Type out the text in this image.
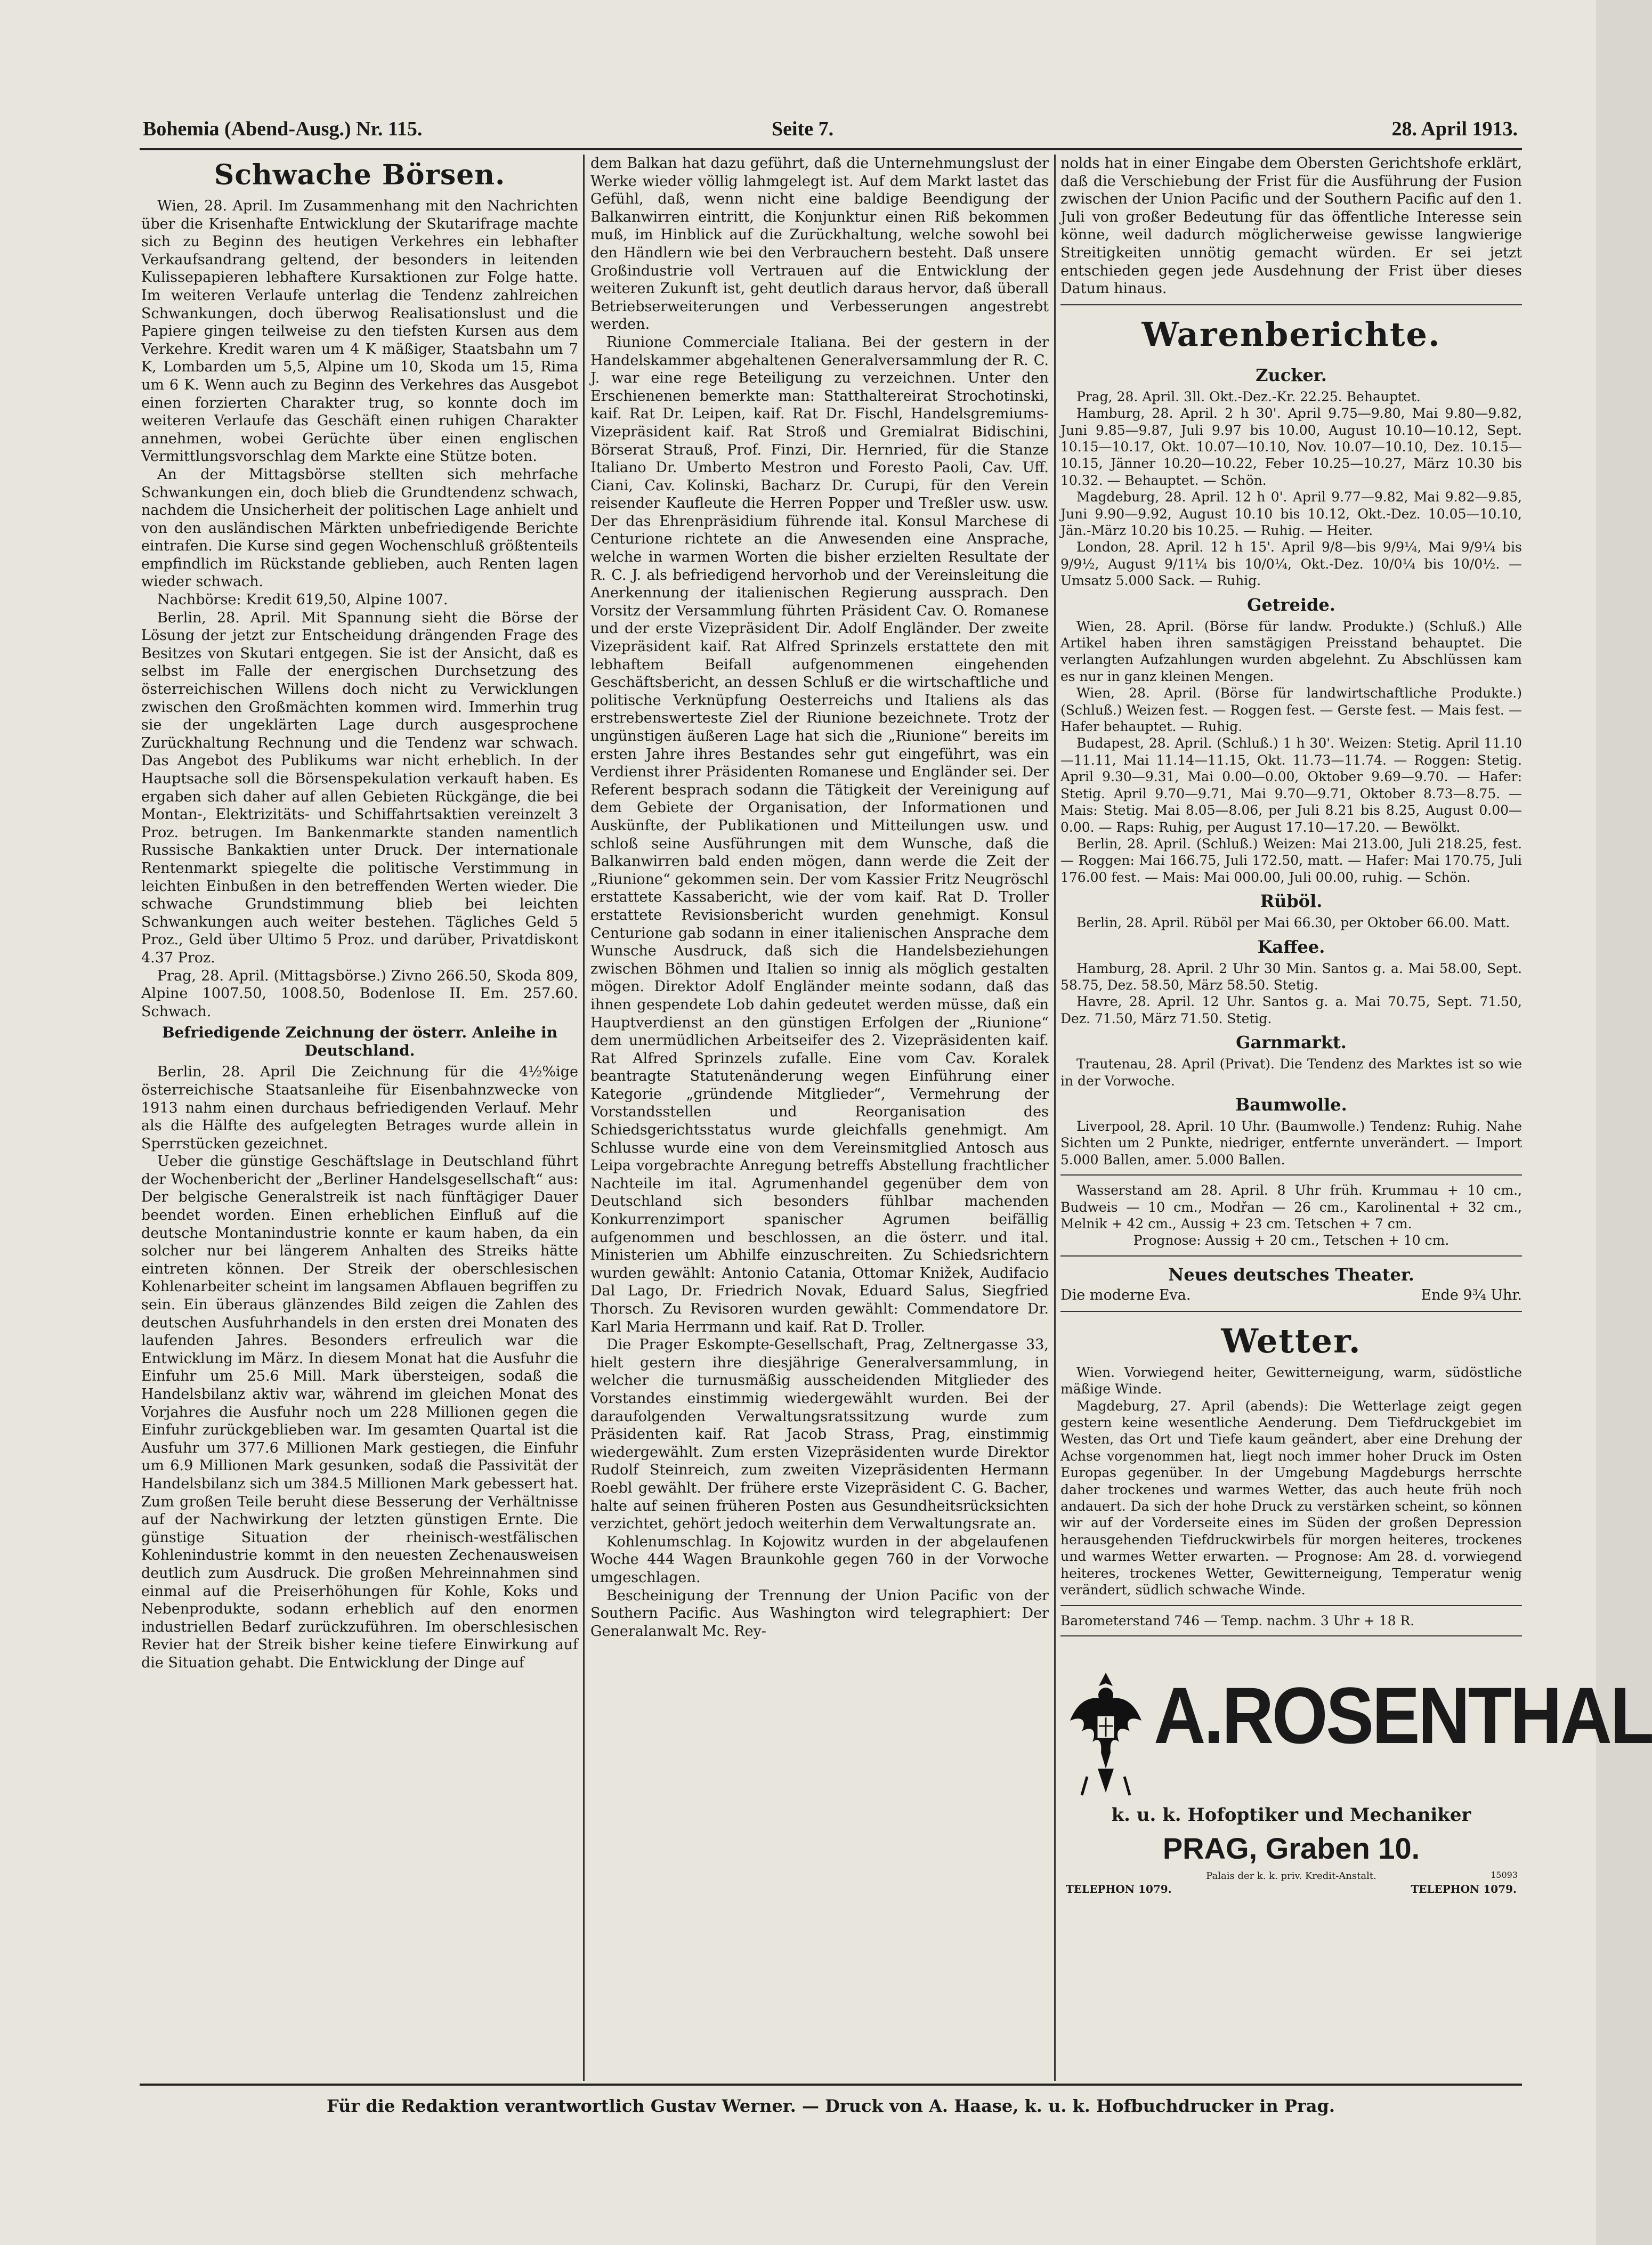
Bohemia (Abend-Ausg.) Nr. 115.	Seite 7.	28. April 1913.
Schwache Börsen.

Wien, 28. April. Im Zusammenhang mit den Nachrichten über die Krisenhafte Entwicklung der Skutarifrage machte sich zu Beginn des heutigen Verkehres ein lebhafter Verkaufsandrang geltend, der besonders in leitenden Kulissepapieren lebhaftere Kursaktionen zur Folge hatte. Im weiteren Verlaufe unterlag die Tendenz zahlreichen Schwankungen, doch überwog Realisationslust und die Papiere gingen teilweise zu den tiefsten Kursen aus dem Verkehre. Kredit waren um 4 K mäßiger, Staatsbahn um 7 K, Lombarden um 5,5, Alpine um 10, Skoda um 15, Rima um 6 K. Wenn auch zu Beginn des Verkehres das Ausgebot einen forzierten Charakter trug, so konnte doch im weiteren Verlaufe das Geschäft einen ruhigen Charakter annehmen, wobei Gerüchte über einen englischen Vermittlungsvorschlag dem Markte eine Stütze boten.

An der Mittagsbörse stellten sich mehrfache Schwankungen ein, doch blieb die Grundtendenz schwach, nachdem die Unsicherheit der politischen Lage anhielt und von den ausländischen Märkten unbefriedigende Berichte eintrafen. Die Kurse sind gegen Wochenschluß größtenteils empfindlich im Rückstande geblieben, auch Renten lagen wieder schwach.

Nachbörse: Kredit 619,50, Alpine 1007.

Berlin, 28. April. Mit Spannung sieht die Börse der Lösung der jetzt zur Entscheidung drängenden Frage des Besitzes von Skutari entgegen. Sie ist der Ansicht, daß es selbst im Falle der energischen Durchsetzung des österreichischen Willens doch nicht zu Verwicklungen zwischen den Großmächten kommen wird. Immerhin trug sie der ungeklärten Lage durch ausgesprochene Zurückhaltung Rechnung und die Tendenz war schwach. Das Angebot des Publikums war nicht erheblich. In der Hauptsache soll die Börsenspekulation verkauft haben. Es ergaben sich daher auf allen Gebieten Rückgänge, die bei Montan-, Elektrizitäts- und Schiffahrtsaktien vereinzelt 3 Proz. betrugen. Im Bankenmarkte standen namentlich Russische Bankaktien unter Druck. Der internationale Rentenmarkt spiegelte die politische Verstimmung in leichten Einbußen in den betreffenden Werten wieder. Die schwache Grundstimmung blieb bei leichten Schwankungen auch weiter bestehen. Tägliches Geld 5 Proz., Geld über Ultimo 5 Proz. und darüber, Privatdiskont 4.37 Proz.

Prag, 28. April. (Mittagsbörse.) Zivno 266.50, Skoda 809, Alpine 1007.50, 1008.50, Bodenlose II. Em. 257.60. Schwach.

Befriedigende Zeichnung der österr. Anleihe in Deutschland.

Berlin, 28. April Die Zeichnung für die 4½%ige österreichische Staatsanleihe für Eisenbahnzwecke von 1913 nahm einen durchaus befriedigenden Verlauf. Mehr als die Hälfte des aufgelegten Betrages wurde allein in Sperrstücken gezeichnet.

Ueber die günstige Geschäftslage in Deutschland führt der Wochenbericht der „Berliner Handelsgesellschaft“ aus: Der belgische Generalstreik ist nach fünftägiger Dauer beendet worden. Einen erheblichen Einfluß auf die deutsche Montanindustrie konnte er kaum haben, da ein solcher nur bei längerem Anhalten des Streiks hätte eintreten können. Der Streik der oberschlesischen Kohlenarbeiter scheint im langsamen Abflauen begriffen zu sein. Ein überaus glänzendes Bild zeigen die Zahlen des deutschen Ausfuhrhandels in den ersten drei Monaten des laufenden Jahres. Besonders erfreulich war die Entwicklung im März. In diesem Monat hat die Ausfuhr die Einfuhr um 25.6 Mill. Mark übersteigen, sodaß die Handelsbilanz aktiv war, während im gleichen Monat des Vorjahres die Ausfuhr noch um 228 Millionen gegen die Einfuhr zurückgeblieben war. Im gesamten Quartal ist die Ausfuhr um 377.6 Millionen Mark gestiegen, die Einfuhr um 6.9 Millionen Mark gesunken, sodaß die Passivität der Handelsbilanz sich um 384.5 Millionen Mark gebessert hat. Zum großen Teile beruht diese Besserung der Verhältnisse auf der Nachwirkung der letzten günstigen Ernte. Die günstige Situation der rheinisch-westfälischen Kohlenindustrie kommt in den neuesten Zechenausweisen deutlich zum Ausdruck. Die großen Mehreinnahmen sind einmal auf die Preiserhöhungen für Kohle, Koks und Nebenprodukte, sodann erheblich auf den enormen industriellen Bedarf zurückzuführen. Im oberschlesischen Revier hat der Streik bisher keine tiefere Einwirkung auf die Situation gehabt. Die Entwicklung der Dinge auf

dem Balkan hat dazu geführt, daß die Unternehmungslust der Werke wieder völlig lahmgelegt ist. Auf dem Markt lastet das Gefühl, daß, wenn nicht eine baldige Beendigung der Balkanwirren eintritt, die Konjunktur einen Riß bekommen muß, im Hinblick auf die Zurückhaltung, welche sowohl bei den Händlern wie bei den Verbrauchern besteht. Daß unsere Großindustrie voll Vertrauen auf die Entwicklung der weiteren Zukunft ist, geht deutlich daraus hervor, daß überall Betriebserweiterungen und Verbesserungen angestrebt werden.

Riunione Commerciale Italiana. Bei der gestern in der Handelskammer abgehaltenen Generalversammlung der R. C. J. war eine rege Beteiligung zu verzeichnen. Unter den Erschienenen bemerkte man: Statthaltereirat Strochotinski, kaif. Rat Dr. Leipen, kaif. Rat Dr. Fischl, Handelsgremiums-Vizepräsident kaif. Rat Stroß und Gremialrat Bidischini, Börserat Strauß, Prof. Finzi, Dir. Hernried, für die Stanze Italiano Dr. Umberto Mestron und Foresto Paoli, Cav. Uff. Ciani, Cav. Kolinski, Bacharz Dr. Curupi, für den Verein reisender Kaufleute die Herren Popper und Treßler usw. usw. Der das Ehrenpräsidium führende ital. Konsul Marchese di Centurione richtete an die Anwesenden eine Ansprache, welche in warmen Worten die bisher erzielten Resultate der R. C. J. als befriedigend hervorhob und der Vereinsleitung die Anerkennung der italienischen Regierung aussprach. Den Vorsitz der Versammlung führten Präsident Cav. O. Romanese und der erste Vizepräsident Dir. Adolf Engländer. Der zweite Vizepräsident kaif. Rat Alfred Sprinzels erstattete den mit lebhaftem Beifall aufgenommenen eingehenden Geschäftsbericht, an dessen Schluß er die wirtschaftliche und politische Verknüpfung Oesterreichs und Italiens als das erstrebenswerteste Ziel der Riunione bezeichnete. Trotz der ungünstigen äußeren Lage hat sich die „Riunione“ bereits im ersten Jahre ihres Bestandes sehr gut eingeführt, was ein Verdienst ihrer Präsidenten Romanese und Engländer sei. Der Referent besprach sodann die Tätigkeit der Vereinigung auf dem Gebiete der Organisation, der Informationen und Auskünfte, der Publikationen und Mitteilungen usw. und schloß seine Ausführungen mit dem Wunsche, daß die Balkanwirren bald enden mögen, dann werde die Zeit der „Riunione“ gekommen sein. Der vom Kassier Fritz Neugröschl erstattete Kassabericht, wie der vom kaif. Rat D. Troller erstattete Revisionsbericht wurden genehmigt. Konsul Centurione gab sodann in einer italienischen Ansprache dem Wunsche Ausdruck, daß sich die Handelsbeziehungen zwischen Böhmen und Italien so innig als möglich gestalten mögen. Direktor Adolf Engländer meinte sodann, daß das ihnen gespendete Lob dahin gedeutet werden müsse, daß ein Hauptverdienst an den günstigen Erfolgen der „Riunione“ dem unermüdlichen Arbeitseifer des 2. Vizepräsidenten kaif. Rat Alfred Sprinzels zufalle. Eine vom Cav. Koralek beantragte Statutenänderung wegen Einführung einer Kategorie „gründende Mitglieder“, Vermehrung der Vorstandsstellen und Reorganisation des Schiedsgerichtsstatus wurde gleichfalls genehmigt. Am Schlusse wurde eine von dem Vereinsmitglied Antosch aus Leipa vorgebrachte Anregung betreffs Abstellung frachtlicher Nachteile im ital. Agrumenhandel gegenüber dem von Deutschland sich besonders fühlbar machenden Konkurrenzimport spanischer Agrumen beifällig aufgenommen und beschlossen, an die österr. und ital. Ministerien um Abhilfe einzuschreiten. Zu Schiedsrichtern wurden gewählt: Antonio Catania, Ottomar Knižek, Audifacio Dal Lago, Dr. Friedrich Novak, Eduard Salus, Siegfried Thorsch. Zu Revisoren wurden gewählt: Commendatore Dr. Karl Maria Herrmann und kaif. Rat D. Troller.

Die Prager Eskompte-Gesellschaft, Prag, Zeltnergasse 33, hielt gestern ihre diesjährige Generalversammlung, in welcher die turnusmäßig ausscheidenden Mitglieder des Vorstandes einstimmig wiedergewählt wurden. Bei der daraufolgenden Verwaltungsratssitzung wurde zum Präsidenten kaif. Rat Jacob Strass, Prag, einstimmig wiedergewählt. Zum ersten Vizepräsidenten wurde Direktor Rudolf Steinreich, zum zweiten Vizepräsidenten Hermann Roebl gewählt. Der frühere erste Vizepräsident C. G. Bacher, halte auf seinen früheren Posten aus Gesundheitsrücksichten verzichtet, gehört jedoch weiterhin dem Verwaltungsrate an.

Kohlenumschlag. In Kojowitz wurden in der abgelaufenen Woche 444 Wagen Braunkohle gegen 760 in der Vorwoche umgeschlagen.

Bescheinigung der Trennung der Union Pacific von der Southern Pacific. Aus Washington wird telegraphiert: Der Generalanwalt Mc. Rey-

nolds hat in einer Eingabe dem Obersten Gerichtshofe erklärt, daß die Verschiebung der Frist für die Ausführung der Fusion zwischen der Union Pacific und der Southern Pacific auf den 1. Juli von großer Bedeutung für das öffentliche Interesse sein könne, weil dadurch möglicherweise gewisse langwierige Streitigkeiten unnötig gemacht würden. Er sei jetzt entschieden gegen jede Ausdehnung der Frist über dieses Datum hinaus.

Warenberichte.
Zucker.

Prag, 28. April. 3ll. Okt.-Dez.-Kr. 22.25. Behauptet.

Hamburg, 28. April. 2 h 30'. April 9.75—9.80, Mai 9.80—9.82, Juni 9.85—9.87, Juli 9.97 bis 10.00, August 10.10—10.12, Sept. 10.15—10.17, Okt. 10.07—10.10, Nov. 10.07—10.10, Dez. 10.15—10.15, Jänner 10.20—10.22, Feber 10.25—10.27, März 10.30 bis 10.32. — Behauptet. — Schön.

Magdeburg, 28. April. 12 h 0'. April 9.77—9.82, Mai 9.82—9.85, Juni 9.90—9.92, August 10.10 bis 10.12, Okt.-Dez. 10.05—10.10, Jän.-März 10.20 bis 10.25. — Ruhig. — Heiter.

London, 28. April. 12 h 15'. April 9/8—bis 9/9¼, Mai 9/9¼ bis 9/9½, August 9/11¼ bis 10/0¼, Okt.-Dez. 10/0¼ bis 10/0½. — Umsatz 5.000 Sack. — Ruhig.

Getreide.

Wien, 28. April. (Börse für landw. Produkte.) (Schluß.) Alle Artikel haben ihren samstägigen Preisstand behauptet. Die verlangten Aufzahlungen wurden abgelehnt. Zu Abschlüssen kam es nur in ganz kleinen Mengen.

Wien, 28. April. (Börse für landwirtschaftliche Produkte.) (Schluß.) Weizen fest. — Roggen fest. — Gerste fest. — Mais fest. — Hafer behauptet. — Ruhig.

Budapest, 28. April. (Schluß.) 1 h 30'. Weizen: Stetig. April 11.10—11.11, Mai 11.14—11.15, Okt. 11.73—11.74. — Roggen: Stetig. April 9.30—9.31, Mai 0.00—0.00, Oktober 9.69—9.70. — Hafer: Stetig. April 9.70—9.71, Mai 9.70—9.71, Oktober 8.73—8.75. — Mais: Stetig. Mai 8.05—8.06, per Juli 8.21 bis 8.25, August 0.00—0.00. — Raps: Ruhig, per August 17.10—17.20. — Bewölkt.

Berlin, 28. April. (Schluß.) Weizen: Mai 213.00, Juli 218.25, fest. — Roggen: Mai 166.75, Juli 172.50, matt. — Hafer: Mai 170.75, Juli 176.00 fest. — Mais: Mai 000.00, Juli 00.00, ruhig. — Schön.

Rüböl.

Berlin, 28. April. Rüböl per Mai 66.30, per Oktober 66.00. Matt.

Kaffee.

Hamburg, 28. April. 2 Uhr 30 Min. Santos g. a. Mai 58.00, Sept. 58.75, Dez. 58.50, März 58.50. Stetig.

Havre, 28. April. 12 Uhr. Santos g. a. Mai 70.75, Sept. 71.50, Dez. 71.50, März 71.50. Stetig.

Garnmarkt.

Trautenau, 28. April (Privat). Die Tendenz des Marktes ist so wie in der Vorwoche.

Baumwolle.

Liverpool, 28. April. 10 Uhr. (Baumwolle.) Tendenz: Ruhig. Nahe Sichten um 2 Punkte, niedriger, entfernte unverändert. — Import 5.000 Ballen, amer. 5.000 Ballen.

Wasserstand am 28. April. 8 Uhr früh. Krummau + 10 cm., Budweis — 10 cm., Modřan — 26 cm., Karolinental + 32 cm., Melnik + 42 cm., Aussig + 23 cm. Tetschen + 7 cm.

Prognose: Aussig + 20 cm., Tetschen + 10 cm.

Neues deutsches Theater.
Die moderne Eva.	Ende 9¾ Uhr.
Wetter.

Wien. Vorwiegend heiter, Gewitterneigung, warm, südöstliche mäßige Winde.

Magdeburg, 27. April (abends): Die Wetterlage zeigt gegen gestern keine wesentliche Aenderung. Dem Tiefdruckgebiet im Westen, das Ort und Tiefe kaum geändert, aber eine Drehung der Achse vorgenommen hat, liegt noch immer hoher Druck im Osten Europas gegenüber. In der Umgebung Magdeburgs herrschte daher trockenes und warmes Wetter, das auch heute früh noch andauert. Da sich der hohe Druck zu verstärken scheint, so können wir auf der Vorderseite eines im Süden der großen Depression herausgehenden Tiefdruckwirbels für morgen heiteres, trockenes und warmes Wetter erwarten. — Prognose: Am 28. d. vorwiegend heiteres, trockenes Wetter, Gewitterneigung, Temperatur wenig verändert, südlich schwache Winde.

Barometerstand 746 — Temp. nachm. 3 Uhr + 18 R.

A.ROSENTHAL
k. u. k. Hofoptiker und Mechaniker
PRAG, Graben 10.
Palais der k. k. priv. Kredit-Anstalt.	15093
TELEPHON 1079.	TELEPHON 1079.
Für die Redaktion verantwortlich Gustav Werner. — Druck von A. Haase, k. u. k. Hofbuchdrucker in Prag.
